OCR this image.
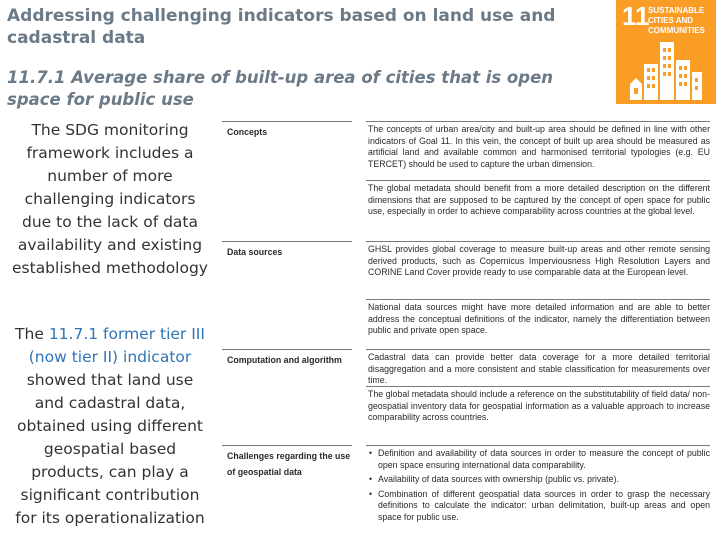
Addressing challenging indicators based on land use and cadastral data
11.7.1 Average share of built-up area of cities that is open space for public use
11
SUSTAINABLE CITIES AND COMMUNITIES
The SDG monitoring framework includes a number of more challenging indicators due to the lack of data availability and existing established methodology
The 11.7.1 former tier III (now tier II) indicator showed that land use and cadastral data, obtained using different geospatial based products, can play a significant contribution for its operationalization
Concepts	The concepts of urban area/city and built-up area should be defined in line with other indicators of Goal 11. In this vein, the concept of built up area should be measured as artificial land and available common and harmonised territorial typologies (e.g. EU TERCET) should be used to capture the urban dimension.
The global metadata should benefit from a more detailed description on the different dimensions that are supposed to be captured by the concept of open space for public use, especially in order to achieve comparability across countries at the global level.
Data sources	GHSL provides global coverage to measure built-up areas and other remote sensing derived products, such as Copernicus Imperviousness High Resolution Layers and CORINE Land Cover provide ready to use comparable data at the European level.
National data sources might have more detailed information and are able to better address the conceptual definitions of the indicator, namely the differentiation between public and private open space.
Computation and algorithm	Cadastral data can provide better data coverage for a more detailed territorial disaggregation and a more consistent and stable classification for measurements over time.
The global metadata should include a reference on the substitutability of field data/ non-geospatial inventory data for geospatial information as a valuable approach to increase comparability across countries.
Challenges regarding the use of geospatial data
• Definition and availability of data sources in order to measure the concept of public open space ensuring international data comparability.
• Availability of data sources with ownership (public vs. private).
• Combination of different geospatial data sources in order to grasp the necessary definitions to calculate the indicator: urban delimitation, built-up areas and open space for public use.
